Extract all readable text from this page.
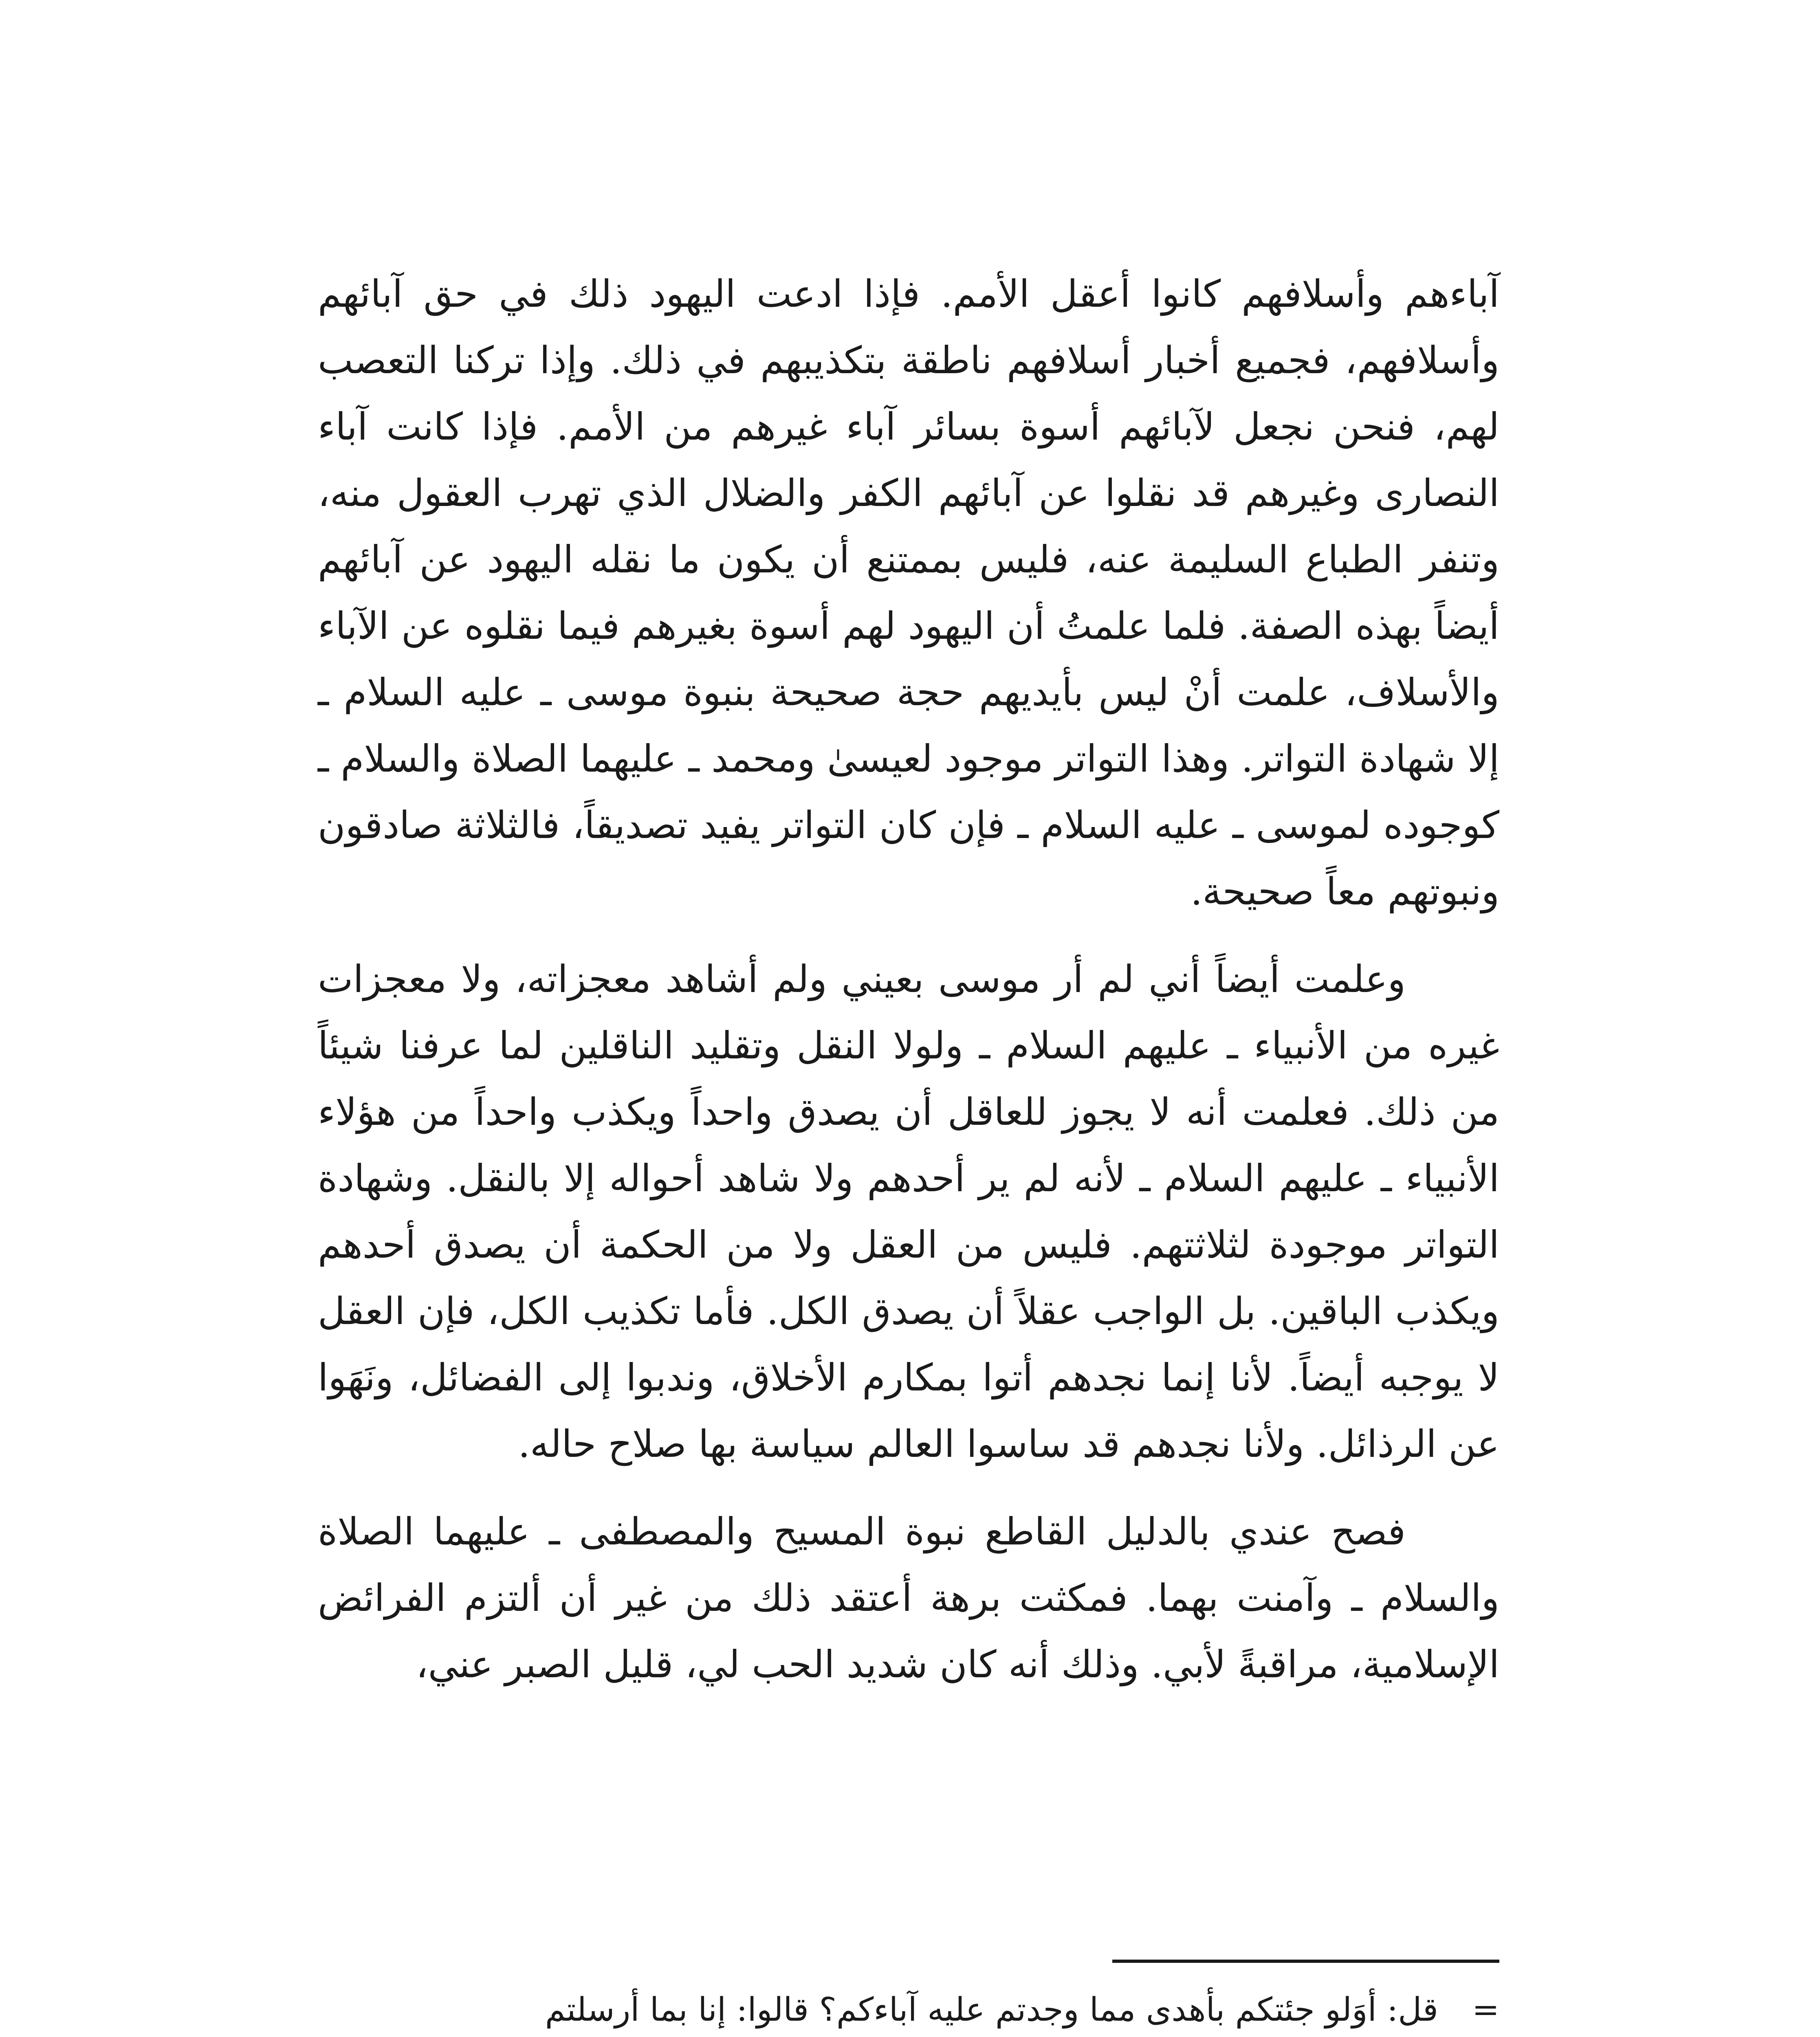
آباءهم وأسلافهم كانوا أعقل الأمم. فإذا ادعت اليهود ذلك في حق آبائهم وأسلافهم، فجميع أخبار أسلافهم ناطقة بتكذيبهم في ذلك. وإذا تركنا التعصب لهم، فنحن نجعل لآبائهم أسوة بسائر آباء غيرهم من الأمم. فإذا كانت آباء النصارى وغيرهم قد نقلوا عن آبائهم الكفر والضلال الذي تهرب العقول منه، وتنفر الطباع السليمة عنه، فليس بممتنع أن يكون ما نقله اليهود عن آبائهم أيضاً بهذه الصفة. فلما علمتُ أن اليهود لهم أسوة بغيرهم فيما نقلوه عن الآباء والأسلاف، علمت أنْ ليس بأيديهم حجة صحيحة بنبوة موسى ـ عليه السلام ـ إلا شهادة التواتر. وهذا التواتر موجود لعيسىٰ ومحمد ـ عليهما الصلاة والسلام ـ كوجوده لموسى ـ عليه السلام ـ فإن كان التواتر يفيد تصديقاً، فالثلاثة صادقون ونبوتهم معاً صحيحة.

وعلمت أيضاً أني لم أر موسى بعيني ولم أشاهد معجزاته، ولا معجزات غيره من الأنبياء ـ عليهم السلام ـ ولولا النقل وتقليد الناقلين لما عرفنا شيئاً من ذلك. فعلمت أنه لا يجوز للعاقل أن يصدق واحداً ويكذب واحداً من هؤلاء الأنبياء ـ عليهم السلام ـ لأنه لم ير أحدهم ولا شاهد أحواله إلا بالنقل. وشهادة التواتر موجودة لثلاثتهم. فليس من العقل ولا من الحكمة أن يصدق أحدهم ويكذب الباقين. بل الواجب عقلاً أن يصدق الكل. فأما تكذيب الكل، فإن العقل لا يوجبه أيضاً. لأنا إنما نجدهم أتوا بمكارم الأخلاق، وندبوا إلى الفضائل، ونَهَوا عن الرذائل. ولأنا نجدهم قد ساسوا العالم سياسة بها صلاح حاله.

فصح عندي بالدليل القاطع نبوة المسيح والمصطفى ـ عليهما الصلاة والسلام ـ وآمنت بهما. فمكثت برهة أعتقد ذلك من غير أن ألتزم الفرائض الإسلامية، مراقبةً لأبي. وذلك أنه كان شديد الحب لي، قليل الصبر عني،

=
قل: أوَلو جئتكم بأهدى مما وجدتم عليه آباءكم؟ قالوا: إنا بما أرسلتم
